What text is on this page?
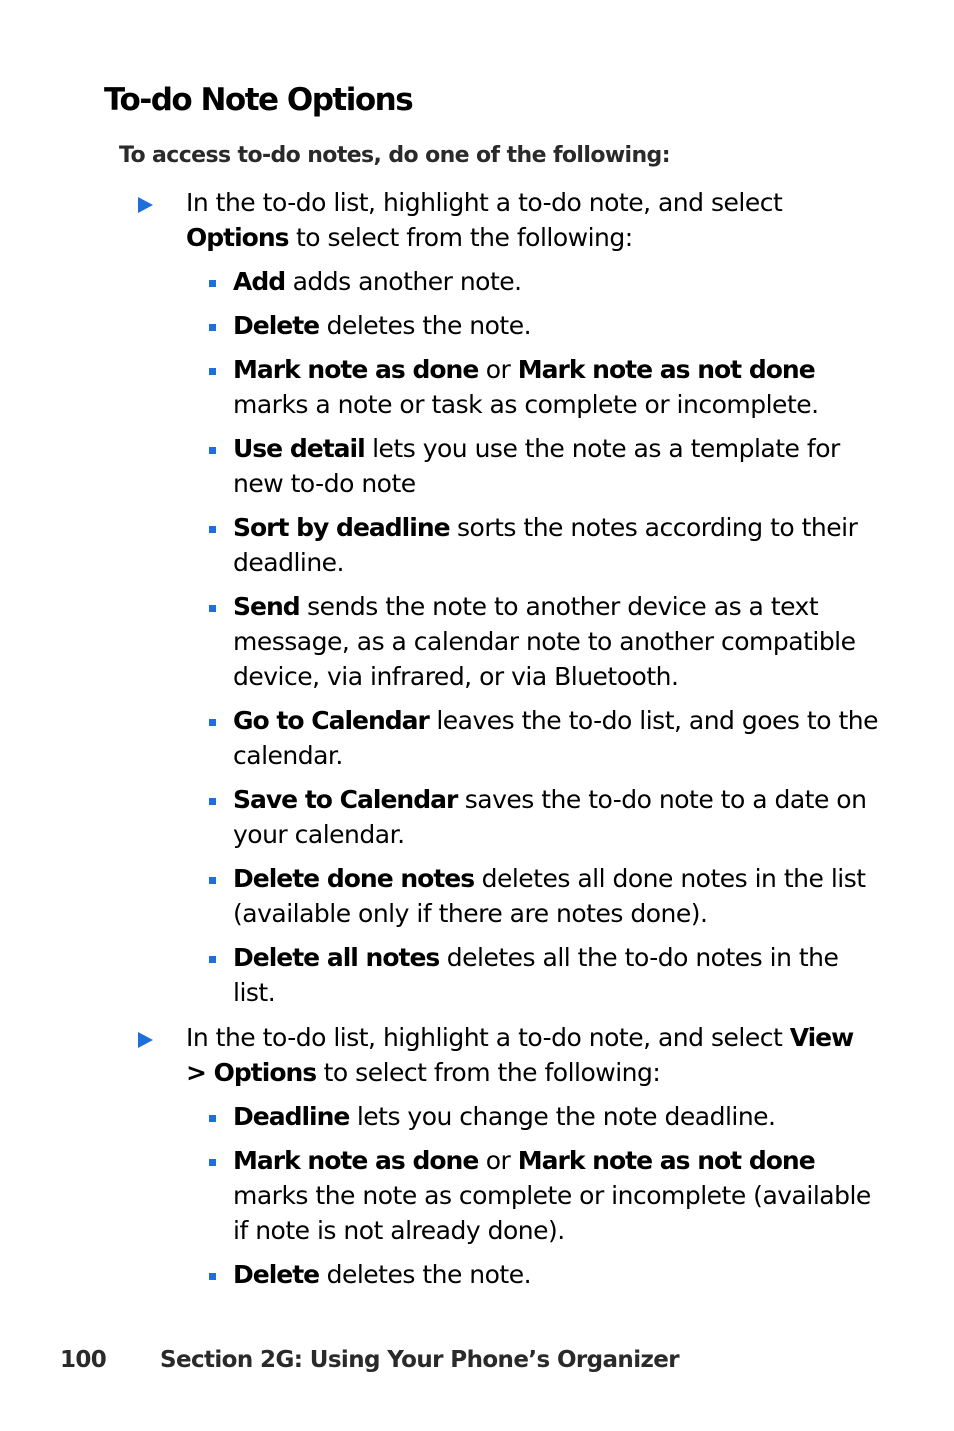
To-do Note Options

To access to-do notes, do one of the following:

In the to-do list, highlight a to-do note, and select Options to select from the following:
Add adds another note.
Delete deletes the note.
Mark note as done or Mark note as not done marks a note or task as complete or incomplete.
Use detail lets you use the note as a template for new to-do note
Sort by deadline sorts the notes according to their deadline.
Send sends the note to another device as a text message, as a calendar note to another compatible device, via infrared, or via Bluetooth.
Go to Calendar leaves the to-do list, and goes to the calendar.
Save to Calendar saves the to-do note to a date on your calendar.
Delete done notes deletes all done notes in the list (available only if there are notes done).
Delete all notes deletes all the to-do notes in the list.
In the to-do list, highlight a to-do note, and select View > Options to select from the following:
Deadline lets you change the note deadline.
Mark note as done or Mark note as not done marks the note as complete or incomplete (available if note is not already done).
Delete deletes the note.
100 Section 2G: Using Your Phone’s Organizer
